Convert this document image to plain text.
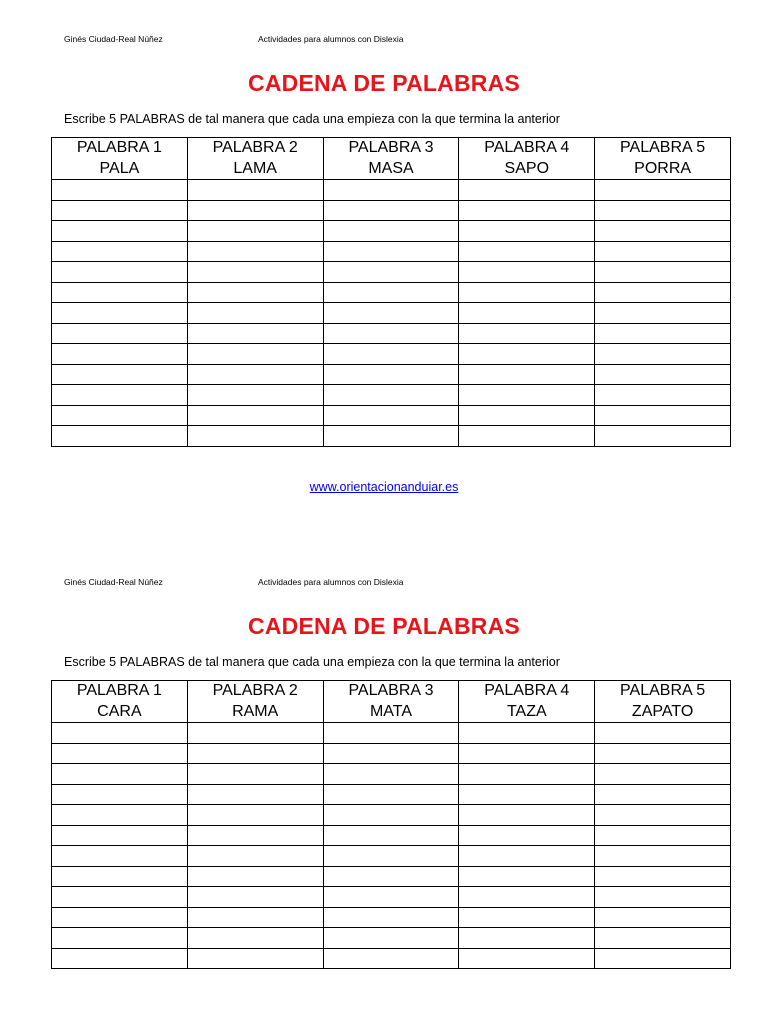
Ginés Ciudad-Real Núñez	Actividades para alumnos con Dislexia
CADENA DE PALABRAS
Escribe 5 PALABRAS de tal manera que cada una empieza con la que termina la anterior
PALABRA 1	PALABRA 2	PALABRA 3	PALABRA 4	PALABRA 5
PALA	LAMA	MASA	SAPO	PORRA

www.orientacionanduiar.es
Ginés Ciudad-Real Núñez	Actividades para alumnos con Dislexia
CADENA DE PALABRAS
Escribe 5 PALABRAS de tal manera que cada una empieza con la que termina la anterior
PALABRA 1	PALABRA 2	PALABRA 3	PALABRA 4	PALABRA 5
CARA	RAMA	MATA	TAZA	ZAPATO
